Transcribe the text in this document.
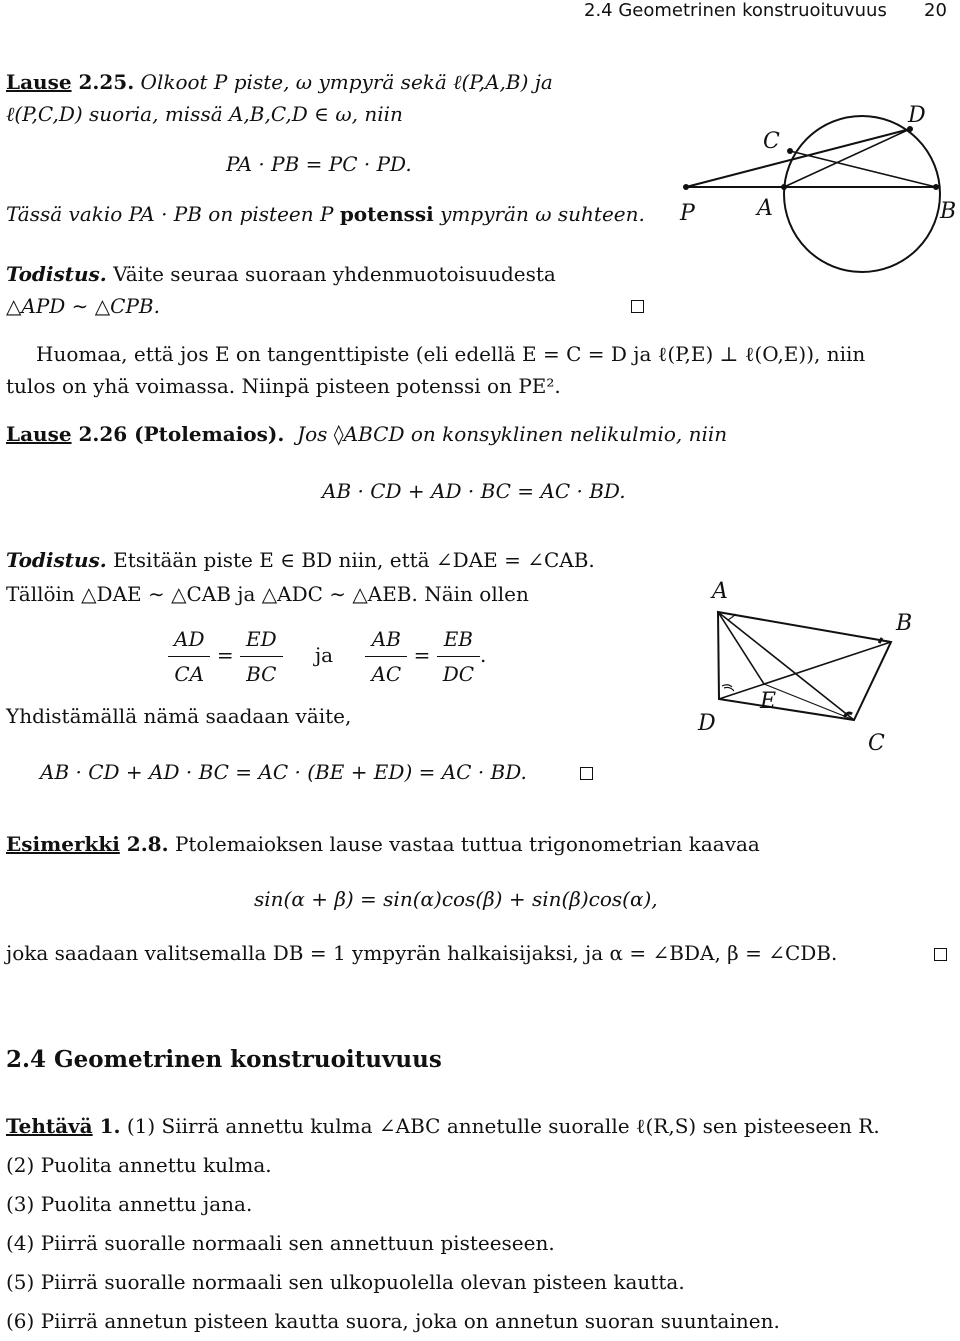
2.4 Geometrinen konstruoituvuus 20
Lause 2.25. Olkoot P piste, ω ympyrä sekä ℓ(P,A,B) ja
ℓ(P,C,D) suoria, missä A,B,C,D ∈ ω, niin
PA · PB = PC · PD.
Tässä vakio PA · PB on pisteen P potenssi ympyrän ω suhteen.
C
D
P	A	B
Todistus. Väite seuraa suoraan yhdenmuotoisuudesta
△APD ∼ △CPB.
Huomaa, että jos E on tangenttipiste (eli edellä E = C = D ja ℓ(P,E) ⊥ ℓ(O,E)), niin
tulos on yhä voimassa. Niinpä pisteen potenssi on PE².
Lause 2.26 (Ptolemaios). Jos ◊ABCD on konsyklinen nelikulmio, niin
AB · CD + AD · BC = AC · BD.
Todistus. Etsitään piste E ∈ BD niin, että ∠DAE = ∠CAB.
Tällöin △DAE ∼ △CAB ja △ADC ∼ △AEB. Näin ollen
$\frac{AD}{CA} = \frac{ED}{BC}$ ja $\frac{AB}{AC} = \frac{EB}{DC}$ .
Yhdistämällä nämä saadaan väite,
AB · CD + AD · BC = AC · (BE + ED) = AC · BD.
A
B
E
D
C
Esimerkki 2.8. Ptolemaioksen lause vastaa tuttua trigonometrian kaavaa
sin(α + β) = sin(α)cos(β) + sin(β)cos(α),
joka saadaan valitsemalla DB = 1 ympyrän halkaisijaksi, ja α = ∠BDA, β = ∠CDB.
2.4 Geometrinen konstruoituvuus
Tehtävä 1. (1) Siirrä annettu kulma ∠ABC annetulle suoralle ℓ(R,S) sen pisteeseen R.
(2) Puolita annettu kulma.
(3) Puolita annettu jana.
(4) Piirrä suoralle normaali sen annettuun pisteeseen.
(5) Piirrä suoralle normaali sen ulkopuolella olevan pisteen kautta.
(6) Piirrä annetun pisteen kautta suora, joka on annetun suoran suuntainen.
